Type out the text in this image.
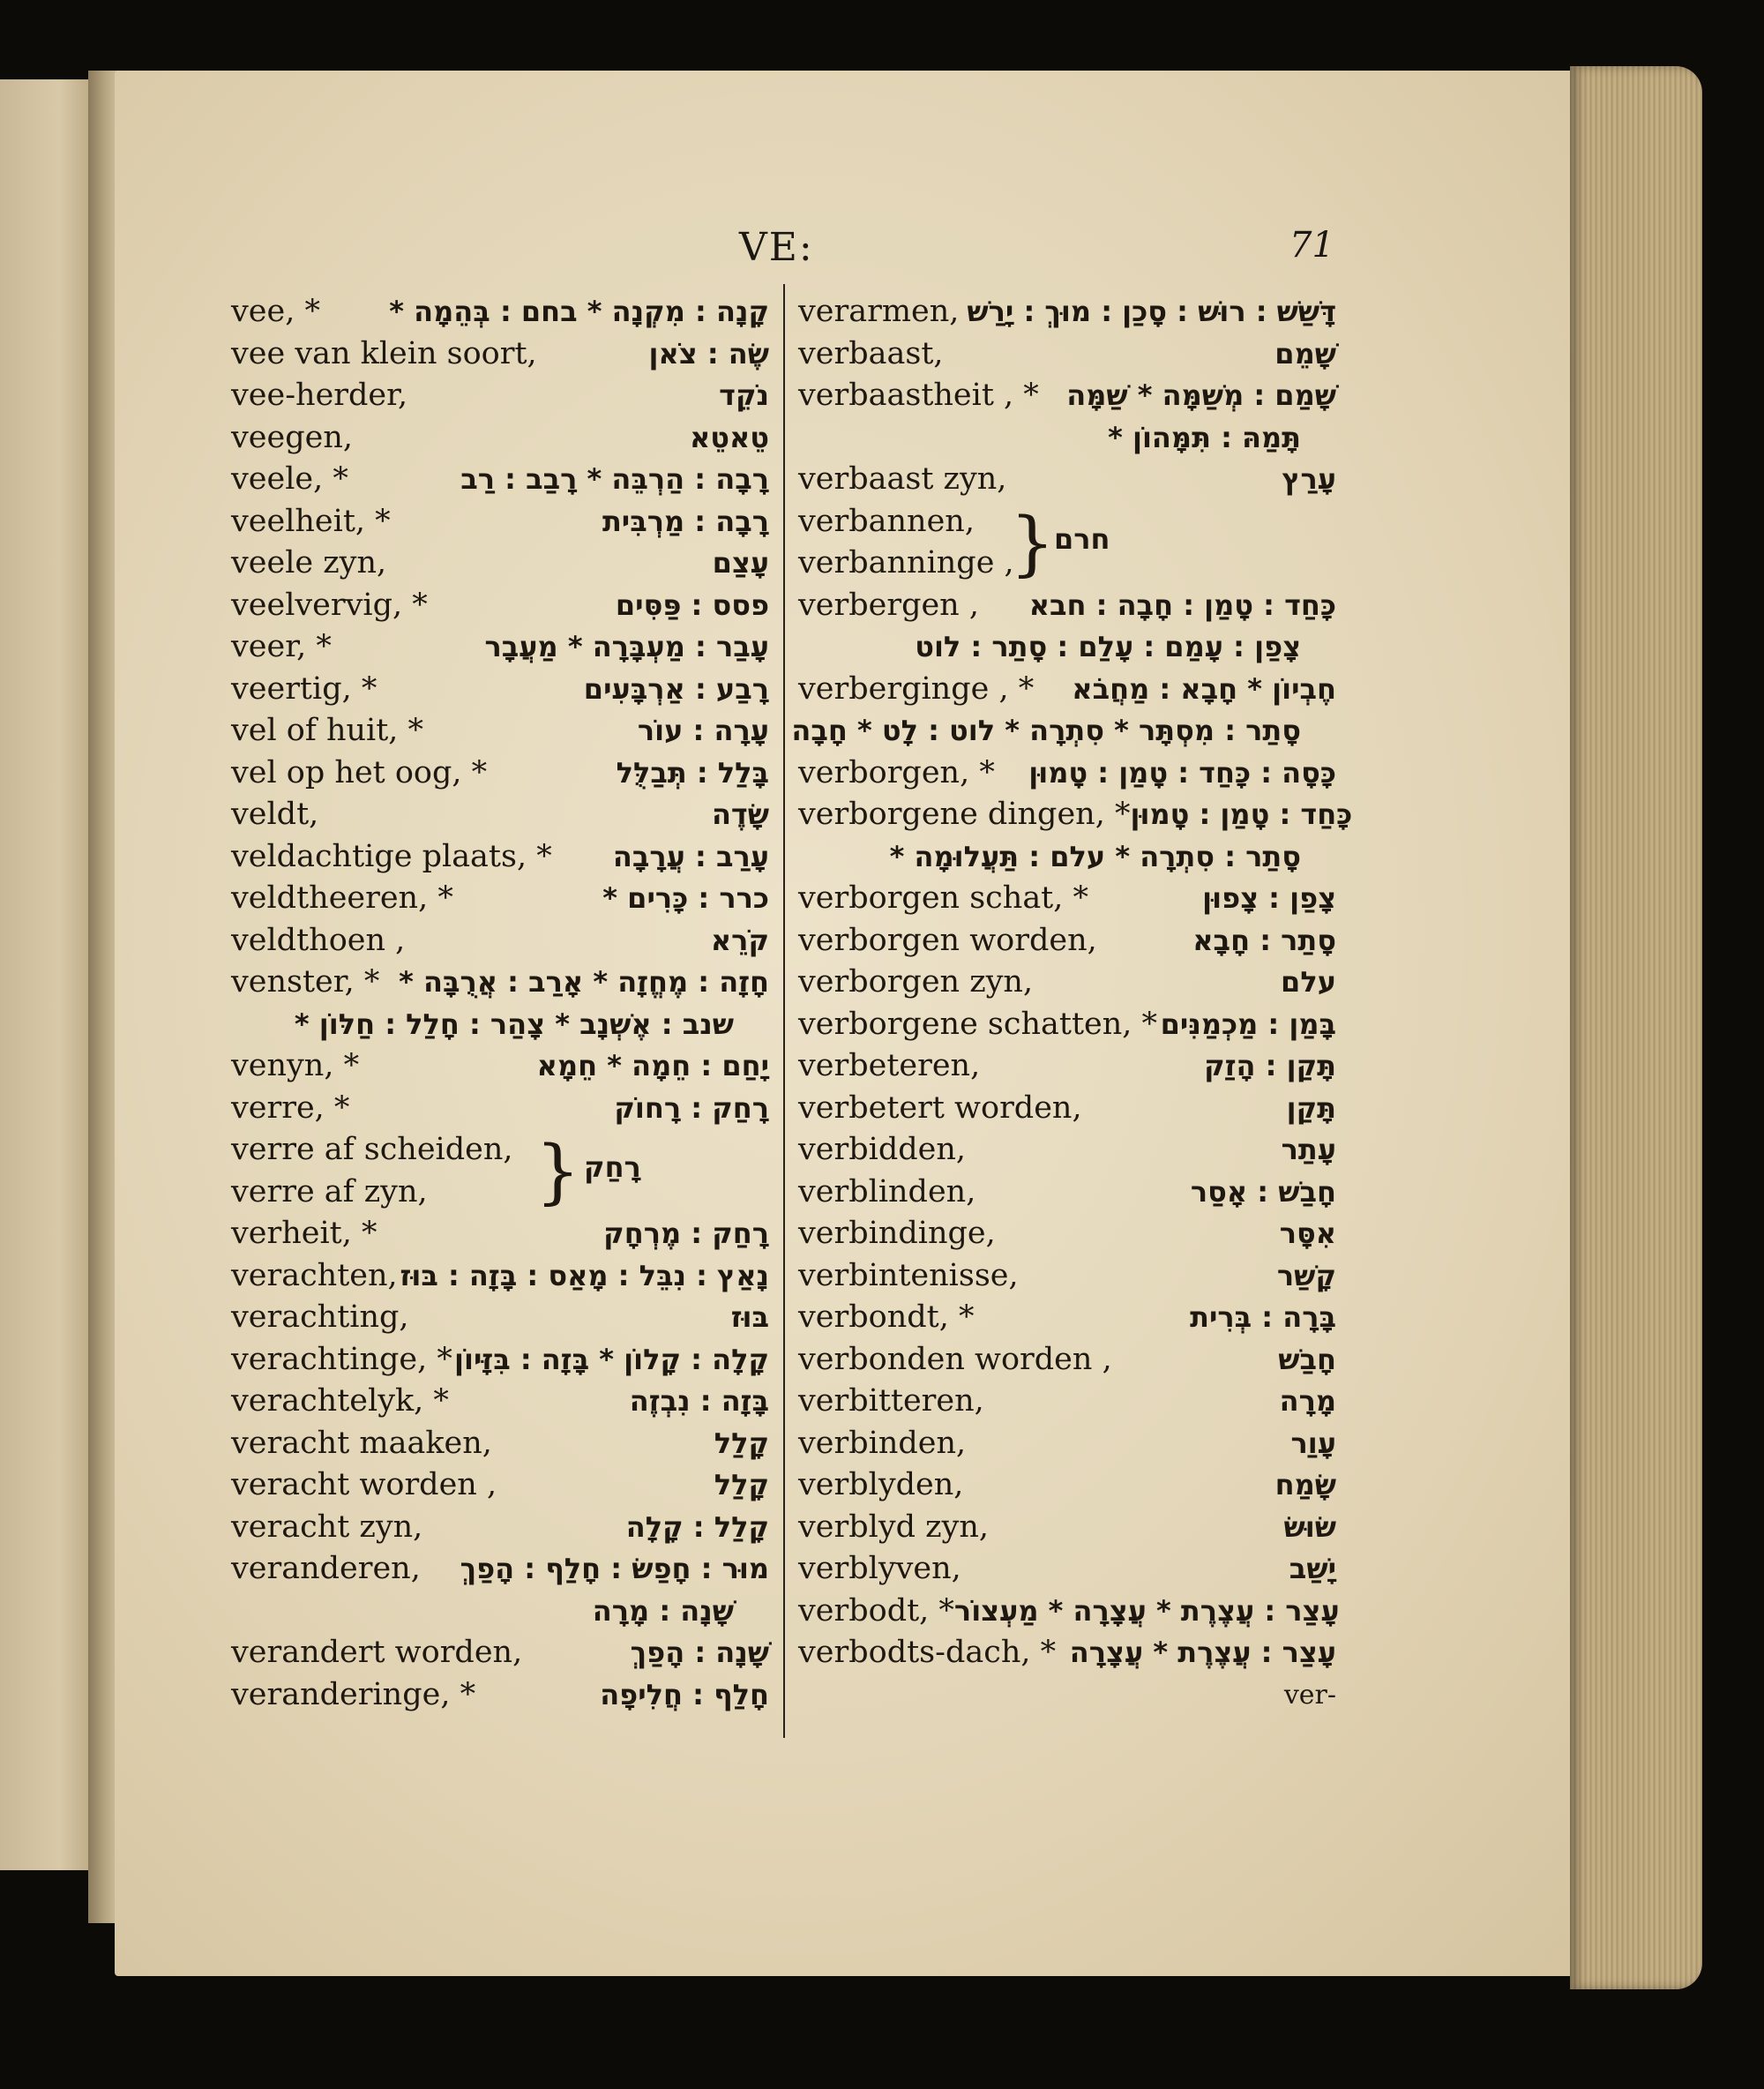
VE:	71
vee, * קָנָה : מִקְנָה * בחם : בְּהֵמָה *
vee van klein soort,	שֶׂה : צֹאן
vee-herder,	נֹקֵד
veegen,	טֵאטֵא
veele, *	רָבָה : הַרְבֵּה * רָבַב : רַב
veelheit, *	רָבָה : מַרְבִּית
veele zyn,	עָצַם
veelvervig, *	פסס : פַּסִּים
veer, *	עָבַר : מַעְבָּרָה * מַעֲבָר
veertig, *	רָבַע : אַרְבָּעִים
vel of huit, *	עָרָה : עוֹר
vel op het oog, *	בָּלַל : תְּבַלֻּל
veldt,	שָׂדֶה
veldachtige plaats, * עָרַב : עֲרָבָה
veldtheeren, *	כרר : כָּרִים *
veldthoen ,	קֹרֵא
venster, * חָזָה : מֶחֱזָה * אָרַב : אֲרֻבָּה *
שנב : אֶשְׁנָב * צָהַר : חָלַל : חַלּוֹן *
venyn, *	יָחַם : חֵמָה * חֵמָא
verre, *	רָחַק : רָחוֹק
verre af scheiden,
verre af zyn,	} רָחַק
verheit, *	רָחַק : מֶרְחָק
verachten, נָאַץ : נִבֵּל : מָאַס : בָּזָה : בּוּז
verachting,	בּוּז
verachtinge, * קָלָה : קָלוֹן * בָּזָה : בִּזָּיוֹן
verachtelyk, *	בָּזָה : נִבְזֶה
veracht maaken,	קָלַל
veracht worden ,	קָלַל
veracht zyn,	קָלַל : קָלָה
veranderen, מוּר : חָפַשׂ : חָלַף : הָפַךְ
שָׁנָה : מָרָה
verandert worden,	שָׁנָה : הָפַךְ
veranderinge, *	חָלַף : חֲלִיפָה
verarmen, דָּשַׁשׁ : רוּשׁ : סָכַן : מוּךְ : יָרַשׁ
verbaast,	שָׁמֵם
verbaastheit , * שָׁמַם : מְשַׁמָּה * שַׁמָּה
תָּמַהּ : תִּמָּהוֹן *
verbaast zyn,	עָרַץ
verbannen,
verbanninge ,
} חרם
verbergen , כָּחַד : טָמַן : חָבָה : חבא
צָפַן : עָמַם : עָלַם : סָתַר : לוט
verberginge , * חֶבְיוֹן * חָבָא : מַחֲבֹא
סָתַר : מִסְתָּר * סִתְרָה * לוט : לָט * חָבָה
verborgen, * כָּסָה : כָּחַד : טָמַן : טָמוּן
verborgene dingen, * כָּחַד : טָמַן : טָמוּן
סָתַר : סִתְרָה * עלם : תַּעֲלוּמָה *
verborgen schat, *	צָפַן : צָפוּן
verborgen worden,	סָתַר : חָבָא
verborgen zyn,	עלם
verborgene schatten, * בָּמַן : מַכְמַנִּים
verbeteren,	תָּקַן : הָזַק
verbetert worden,	תָּקַן
verbidden,	עָתַר
verblinden,	חָבַשׁ : אָסַר
verbindinge,	אִסָּר
verbintenisse,	קָשַׁר
verbondt, *	בָּרָה : בְּרִית
verbonden worden ,	חָבַשׁ
verbitteren,	מָרָה
verbinden,	עָוַר
verblyden,	שָׂמַח
verblyd zyn,	שׂוּשׂ
verblyven,	יָשַׁב
verbodt, * עָצַר : עֲצֶרֶת * עֲצָרָה * מַעְצוֹר
verbodts-dach, * עָצַר : עֲצֶרֶת * עֲצָרָה
ver-
